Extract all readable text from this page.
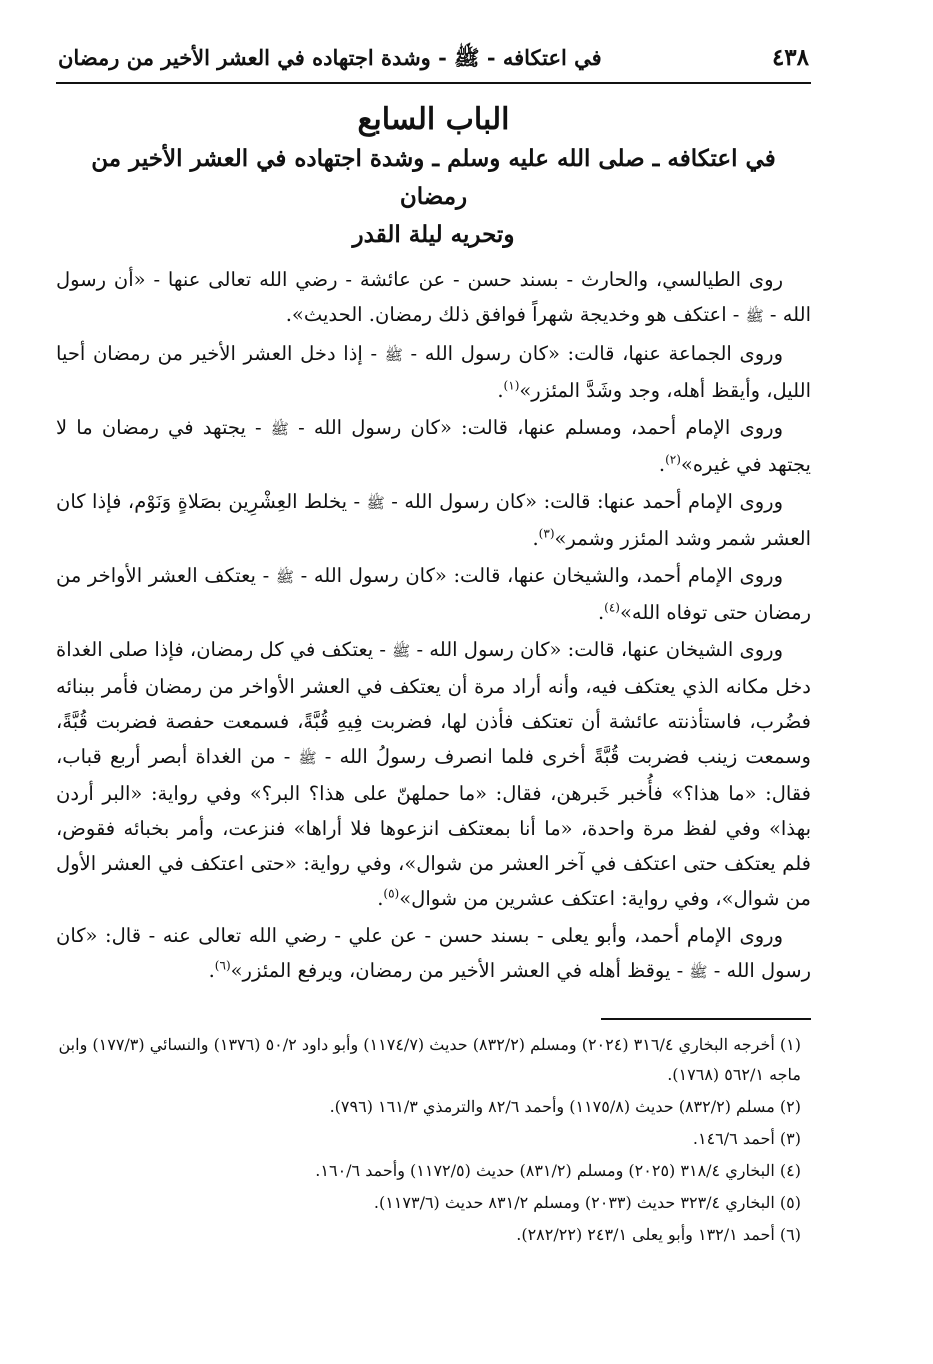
٤٣٨
في اعتكافه - ﷺ - وشدة اجتهاده في العشر الأخير من رمضان
الباب السابع
في اعتكافه ـ صلى الله عليه وسلم ـ وشدة اجتهاده في العشر الأخير من رمضان
وتحريه ليلة القدر

روى الطيالسي، والحارث - بسند حسن - عن عائشة - رضي الله تعالى عنها - «أن رسول الله - ﷺ - اعتكف هو وخديجة شهراً فوافق ذلك رمضان. الحديث».

وروى الجماعة عنها، قالت: «كان رسول الله - ﷺ - إذا دخل العشر الأخير من رمضان أحيا الليل، وأيقظ أهله، وجد وشَدَّ المئزر»$^{(١)}$.

وروى الإمام أحمد، ومسلم عنها، قالت: «كان رسول الله - ﷺ - يجتهد في رمضان ما لا يجتهد في غيره»$^{(٢)}$.

وروى الإمام أحمد عنها: قالت: «كان رسول الله - ﷺ - يخلط العِشْرِين بصَلاةٍ وَنَوْم، فإذا كان العشر شمر وشد المئزر وشمر»$^{(٣)}$.

وروى الإمام أحمد، والشيخان عنها، قالت: «كان رسول الله - ﷺ - يعتكف العشر الأواخر من رمضان حتى توفاه الله»$^{(٤)}$.

وروى الشيخان عنها، قالت: «كان رسول الله - ﷺ - يعتكف في كل رمضان، فإذا صلى الغداة دخل مكانه الذي يعتكف فيه، وأنه أراد مرة أن يعتكف في العشر الأواخر من رمضان فأمر ببنائه فضُرب، فاستأذنته عائشة أن تعتكف فأذن لها، فضربت فِيهِ قُبَّةً، فسمعت حفصة فضربت قُبَّةً، وسمعت زينب فضربت قُبَّةً أخرى فلما انصرف رسولُ الله - ﷺ - من الغداة أبصر أربع قباب، فقال: «ما هذا؟» فأُخبر خَبرهن، فقال: «ما حملهنّ على هذا؟ البر؟» وفي رواية: «البر أردن بهذا» وفي لفظ مرة واحدة، «ما أنا بمعتكف انزعوها فلا أراها» فنزعت، وأمر بخبائه فقوض، فلم يعتكف حتى اعتكف في آخر العشر من شوال»، وفي رواية: «حتى اعتكف في العشر الأول من شوال»، وفي رواية: اعتكف عشرين من شوال»$^{(٥)}$.

وروى الإمام أحمد، وأبو يعلى - بسند حسن - عن علي - رضي الله تعالى عنه - قال: «كان رسول الله - ﷺ - يوقظ أهله في العشر الأخير من رمضان، ويرفع المئزر»$^{(٦)}$.

(١) أخرجه البخاري ٣١٦/٤ (٢٠٢٤) ومسلم (٨٣٢/٢) حديث (١١٧٤/٧) وأبو داود ٥٠/٢ (١٣٧٦) والنسائي (١٧٧/٣) وابن ماجه ٥٦٢/١ (١٧٦٨).

(٢) مسلم (٨٣٢/٢) حديث (١١٧٥/٨) وأحمد ٨٢/٦ والترمذي ١٦١/٣ (٧٩٦).

(٣) أحمد ١٤٦/٦.

(٤) البخاري ٣١٨/٤ (٢٠٢٥) ومسلم (٨٣١/٢) حديث (١١٧٢/٥) وأحمد ١٦٠/٦.

(٥) البخاري ٣٢٣/٤ حديث (٢٠٣٣) ومسلم ٨٣١/٢ حديث (١١٧٣/٦).

(٦) أحمد ١٣٢/١ وأبو يعلى ٢٤٣/١ (٢٨٢/٢٢).
